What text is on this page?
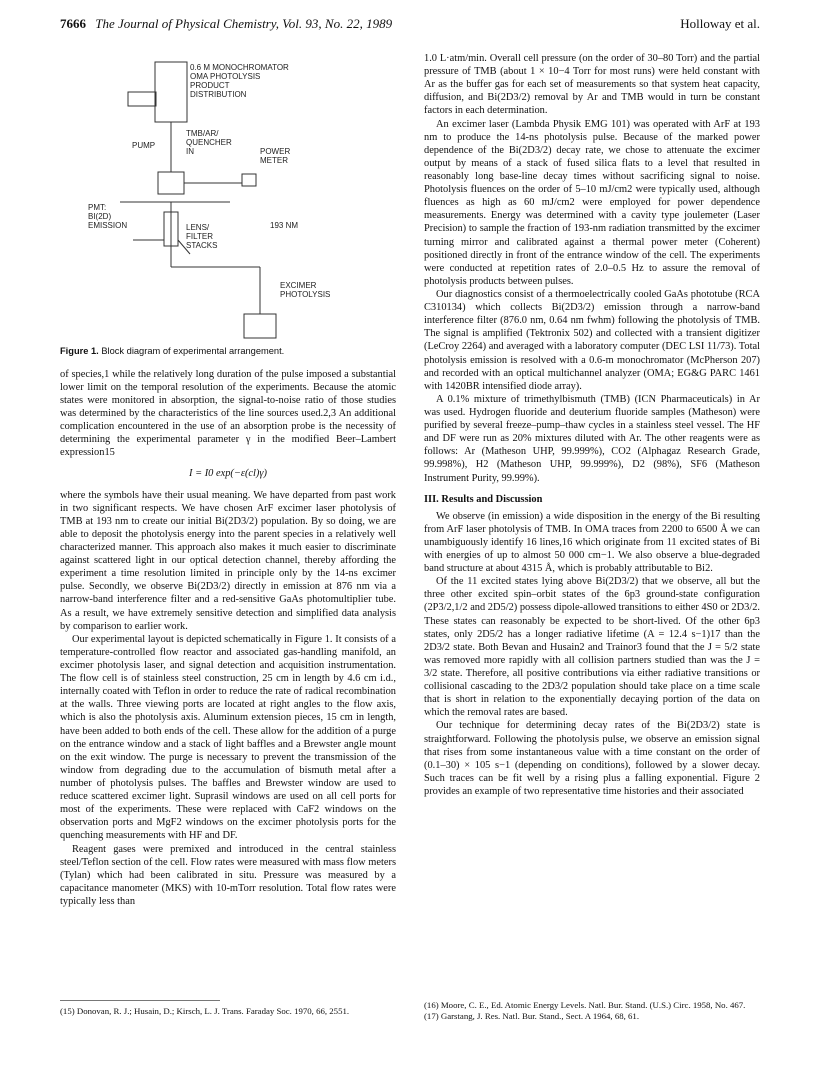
7666 The Journal of Physical Chemistry, Vol. 93, No. 22, 1989	Holloway et al.
0.6 M MONOCHROMATOR
OMA PHOTOLYSIS
PRODUCT
DISTRIBUTION
TMB/AR/
QUENCHER
IN
PUMP
POWER
METER
PMT:
BI(2D)
EMISSION	LENS/
FILTER
STACKS
193 NM
EXCIMER
PHOTOLYSIS
Figure 1. Block diagram of experimental arrangement.

of species,1 while the relatively long duration of the pulse imposed a substantial lower limit on the temporal resolution of the experiments. Because the atomic states were monitored in absorption, the signal-to-noise ratio of those studies was determined by the characteristics of the line sources used.2,3 An additional complication encountered in the use of an absorption probe is the necessity of determining the experimental parameter γ in the modified Beer–Lambert expression15

I = I0 exp(−ε(cl)γ)

where the symbols have their usual meaning. We have departed from past work in two significant respects. We have chosen ArF excimer laser photolysis of TMB at 193 nm to create our initial Bi(2D3/2) population. By so doing, we are able to deposit the photolysis energy into the parent species in a relatively well characterized manner. This approach also makes it much easier to discriminate against scattered light in our optical detection channel, thereby affording the experiment a time resolution limited in principle only by the 14-ns excimer pulse. Secondly, we observe Bi(2D3/2) directly in emission at 876 nm via a narrow-band interference filter and a red-sensitive GaAs photomultiplier tube. As a result, we have extremely sensitive detection and simplified data analysis by comparison to earlier work.

Our experimental layout is depicted schematically in Figure 1. It consists of a temperature-controlled flow reactor and associated gas-handling manifold, an excimer photolysis laser, and signal detection and acquisition instrumentation. The flow cell is of stainless steel construction, 25 cm in length by 4.6 cm i.d., internally coated with Teflon in order to reduce the rate of radical recombination at the walls. Three viewing ports are located at right angles to the flow axis, which is also the photolysis axis. Aluminum extension pieces, 15 cm in length, have been added to both ends of the cell. These allow for the addition of a purge on the entrance window and a stack of light baffles and a Brewster angle mount on the exit window. The purge is necessary to prevent the transmission of the window from degrading due to the accumulation of bismuth metal after a number of photolysis pulses. The baffles and Brewster window are used to reduce scattered excimer light. Suprasil windows are used on all cell ports for most of the experiments. These were replaced with CaF2 windows on the observation ports and MgF2 windows on the excimer photolysis ports for the quenching measurements with HF and DF.

Reagent gases were premixed and introduced in the central stainless steel/Teflon section of the cell. Flow rates were measured with mass flow meters (Tylan) which had been calibrated in situ. Pressure was measured by a capacitance manometer (MKS) with 10-mTorr resolution. Total flow rates were typically less than

1.0 L·atm/min. Overall cell pressure (on the order of 30–80 Torr) and the partial pressure of TMB (about 1 × 10−4 Torr for most runs) were held constant with Ar as the buffer gas for each set of measurements so that system heat capacity, diffusion, and Bi(2D3/2) removal by Ar and TMB would in turn be constant factors in each determination.

An excimer laser (Lambda Physik EMG 101) was operated with ArF at 193 nm to produce the 14-ns photolysis pulse. Because of the marked power dependence of the Bi(2D3/2) decay rate, we chose to attenuate the excimer output by means of a stack of fused silica flats to a level that resulted in reasonably long base-line decay times without sacrificing signal to noise. Photolysis fluences on the order of 5–10 mJ/cm2 were typically used, although fluences as high as 60 mJ/cm2 were employed for power dependence measurements. Energy was determined with a cavity type joulemeter (Laser Precision) to sample the fraction of 193-nm radiation transmitted by the excimer turning mirror and calibrated against a thermal power meter (Coherent) positioned directly in front of the entrance window of the cell. The experiments were conducted at repetition rates of 2.0–0.5 Hz to assure the removal of photolysis products between pulses.

Our diagnostics consist of a thermoelectrically cooled GaAs phototube (RCA C310134) which collects Bi(2D3/2) emission through a narrow-band interference filter (876.0 nm, 0.64 nm fwhm) following the photolysis of TMB. The signal is amplified (Tektronix 502) and collected with a transient digitizer (LeCroy 2264) and averaged with a laboratory computer (DEC LSI 11/73). Total photolysis emission is resolved with a 0.6-m monochromator (McPherson 207) and recorded with an optical multichannel analyzer (OMA; EG&G PARC 1461 with 1420BR intensified diode array).

A 0.1% mixture of trimethylbismuth (TMB) (ICN Pharmaceuticals) in Ar was used. Hydrogen fluoride and deuterium fluoride samples (Matheson) were purified by several freeze–pump–thaw cycles in a stainless steel vessel. The HF and DF were run as 20% mixtures diluted with Ar. The other reagents were as follows: Ar (Matheson UHP, 99.999%), CO2 (Alphagaz Research Grade, 99.998%), H2 (Matheson UHP, 99.999%), D2 (98%), SF6 (Matheson Instrument Purity, 99.99%).

III. Results and Discussion

We observe (in emission) a wide disposition in the energy of the Bi resulting from ArF laser photolysis of TMB. In OMA traces from 2200 to 6500 Å we can unambiguously identify 16 lines,16 which originate from 11 excited states of Bi with energies of up to almost 50 000 cm−1. We also observe a blue-degraded band structure at about 4315 Å, which is probably attributable to Bi2.

Of the 11 excited states lying above Bi(2D3/2) that we observe, all but the three other excited spin–orbit states of the 6p3 ground-state configuration (2P3/2,1/2 and 2D5/2) possess dipole-allowed transitions to either 4S0 or 2D3/2. These states can reasonably be expected to be short-lived. Of the other 6p3 states, only 2D5/2 has a longer radiative lifetime (A = 12.4 s−1)17 than the 2D3/2 state. Both Bevan and Husain2 and Trainor3 found that the J = 5/2 state was removed more rapidly with all collision partners studied than was the J = 3/2 state. Therefore, all positive contributions via either radiative transitions or collisional cascading to the 2D3/2 population should take place on a time scale that is short in relation to the exponentially decaying portion of the data on which the removal rates are based.

Our technique for determining decay rates of the Bi(2D3/2) state is straightforward. Following the photolysis pulse, we observe an emission signal that rises from some instantaneous value with a time constant on the order of (0.1–30) × 105 s−1 (depending on conditions), followed by a slower decay. Such traces can be fit well by a rising plus a falling exponential. Figure 2 provides an example of two representative time histories and their associated

(15) Donovan, R. J.; Husain, D.; Kirsch, L. J. Trans. Faraday Soc. 1970, 66, 2551.
(16) Moore, C. E., Ed. Atomic Energy Levels. Natl. Bur. Stand. (U.S.) Circ. 1958, No. 467.
(17) Garstang, J. Res. Natl. Bur. Stand., Sect. A 1964, 68, 61.
